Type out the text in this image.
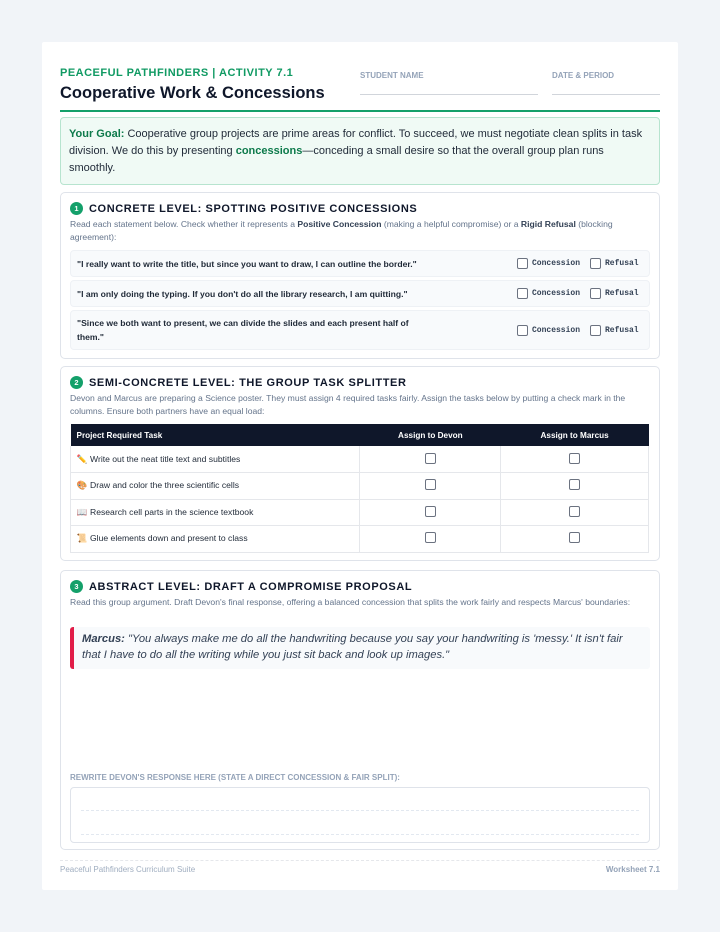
PEACEFUL PATHFINDERS | ACTIVITY 7.1
Cooperative Work & Concessions
STUDENT NAME	DATE & PERIOD
Your Goal: Cooperative group projects are prime areas for conflict. To succeed, we must negotiate clean splits in task division. We do this by presenting concessions—conceding a small desire so that the overall group plan runs smoothly.
1 CONCRETE LEVEL: SPOTTING POSITIVE CONCESSIONS
Read each statement below. Check whether it represents a Positive Concession (making a helpful compromise) or a Rigid Refusal (blocking agreement):
"I really want to write the title, but since you want to draw, I can outline the border."	Concession	Refusal
"I am only doing the typing. If you don't do all the library research, I am quitting."	Concession	Refusal
"Since we both want to present, we can divide the slides and each present half of them."
Concession	Refusal
2 SEMI-CONCRETE LEVEL: THE GROUP TASK SPLITTER
Devon and Marcus are preparing a Science poster. They must assign 4 required tasks fairly. Assign the tasks below by putting a check mark in the columns. Ensure both partners have an equal load:
Project Required Task	Assign to Devon	Assign to Marcus
✏️ Write out the neat title text and subtitles		
🎨 Draw and color the three scientific cells		
📖 Research cell parts in the science textbook		
📜 Glue elements down and present to class		
3 ABSTRACT LEVEL: DRAFT A COMPROMISE PROPOSAL
Read this group argument. Draft Devon's final response, offering a balanced concession that splits the work fairly and respects Marcus' boundaries:
Marcus: "You always make me do all the handwriting because you say your handwriting is 'messy.' It isn't fair that I have to do all the writing while you just sit back and look up images."
REWRITE DEVON'S RESPONSE HERE (STATE A DIRECT CONCESSION & FAIR SPLIT):
Peaceful Pathfinders Curriculum Suite	Worksheet 7.1
